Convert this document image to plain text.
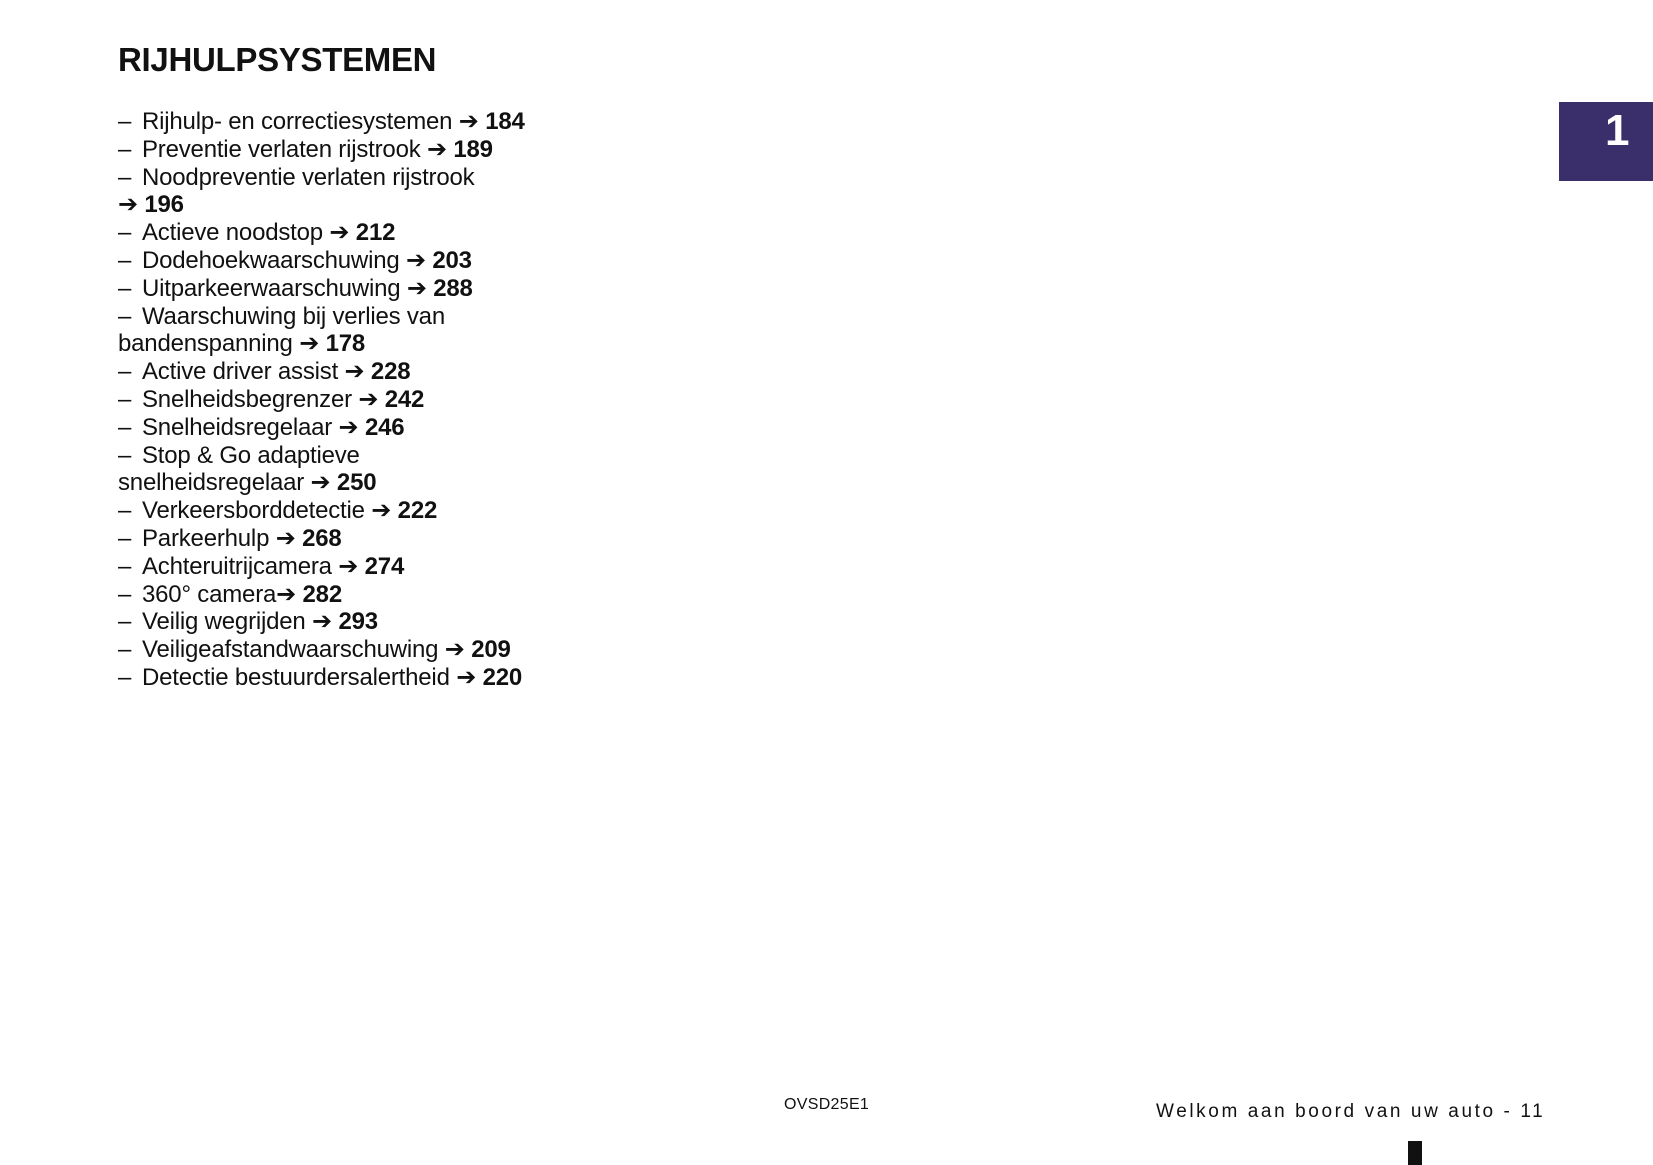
RIJHULPSYSTEMEN
– Rijhulp- en correctiesystemen ➔ 184
– Preventie verlaten rijstrook ➔ 189
– Noodpreventie verlaten rijstrook
➔ 196
– Actieve noodstop ➔ 212
– Dodehoekwaarschuwing ➔ 203
– Uitparkeerwaarschuwing ➔ 288
– Waarschuwing bij verlies van
bandenspanning ➔ 178
– Active driver assist ➔ 228
– Snelheidsbegrenzer ➔ 242
– Snelheidsregelaar ➔ 246
– Stop & Go adaptieve
snelheidsregelaar ➔ 250
– Verkeersborddetectie ➔ 222
– Parkeerhulp ➔ 268
– Achteruitrijcamera ➔ 274
– 360° camera➔ 282
– Veilig wegrijden ➔ 293
– Veiligeafstandwaarschuwing ➔ 209
– Detectie bestuurdersalertheid ➔ 220
1
OVSD25E1	Welkom aan boord van uw auto - 11
